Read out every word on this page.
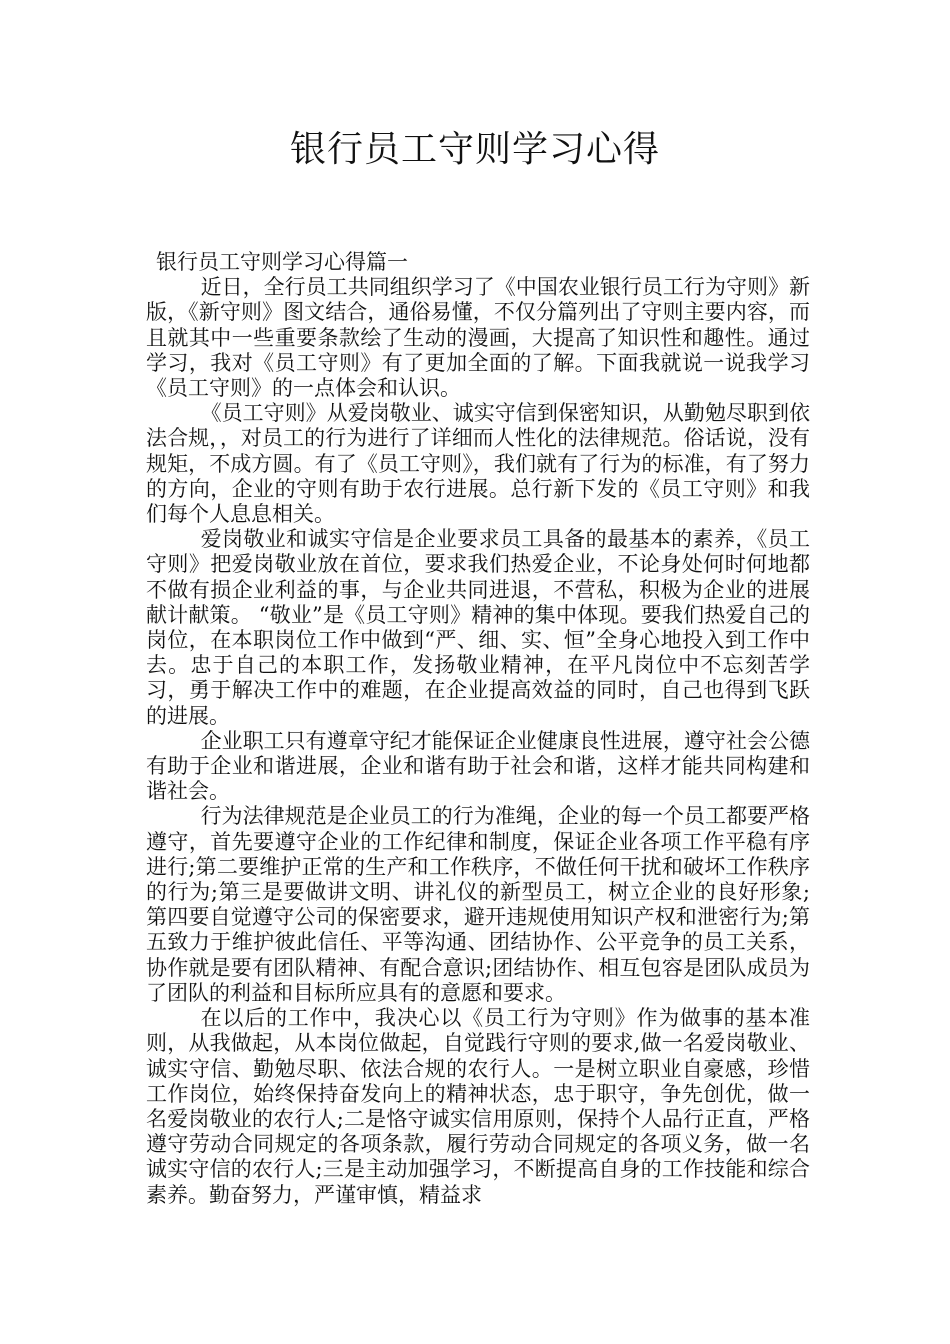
银行员工守则学习心得
银行员工守则学习心得篇一

近日，全行员工共同组织学习了《中国农业银行员工行为守则》新版，《新守则》图文结合，通俗易懂，不仅分篇列出了守则主要内容，而且就其中一些重要条款绘了生动的漫画，大提高了知识性和趣性。通过学习，我对《员工守则》有了更加全面的了解。下面我就说一说我学习《员工守则》的一点体会和认识。

《员工守则》从爱岗敬业、诚实守信到保密知识，从勤勉尽职到依法合规，，对员工的行为进行了详细而人性化的法律规范。俗话说，没有规矩，不成方圆。有了《员工守则》，我们就有了行为的标准，有了努力的方向，企业的守则有助于农行进展。总行新下发的《员工守则》和我们每个人息息相关。

爱岗敬业和诚实守信是企业要求员工具备的最基本的素养，《员工守则》把爱岗敬业放在首位，要求我们热爱企业，不论身处何时何地都不做有损企业利益的事，与企业共同进退，不营私，积极为企业的进展献计献策。 “敬业”是《员工守则》精神的集中体现。要我们热爱自己的岗位，在本职岗位工作中做到“严、细、实、恒”全身心地投入到工作中去。忠于自己的本职工作，发扬敬业精神，在平凡岗位中不忘刻苦学习，勇于解决工作中的难题，在企业提高效益的同时，自己也得到飞跃的进展。

企业职工只有遵章守纪才能保证企业健康良性进展，遵守社会公德有助于企业和谐进展，企业和谐有助于社会和谐，这样才能共同构建和谐社会。

行为法律规范是企业员工的行为准绳，企业的每一个员工都要严格遵守，首先要遵守企业的工作纪律和制度，保证企业各项工作平稳有序进行;第二要维护正常的生产和工作秩序，不做任何干扰和破坏工作秩序的行为;第三是要做讲文明、讲礼仪的新型员工，树立企业的良好形象;第四要自觉遵守公司的保密要求，避开违规使用知识产权和泄密行为;第五致力于维护彼此信任、平等沟通、团结协作、公平竞争的员工关系，协作就是要有团队精神、有配合意识;团结协作、相互包容是团队成员为了团队的利益和目标所应具有的意愿和要求。

在以后的工作中，我决心以《员工行为守则》作为做事的基本准则，从我做起，从本岗位做起，自觉践行守则的要求,做一名爱岗敬业、诚实守信、勤勉尽职、依法合规的农行人。一是树立职业自豪感，珍惜工作岗位，始终保持奋发向上的精神状态，忠于职守，争先创优，做一名爱岗敬业的农行人;二是恪守诚实信用原则，保持个人品行正直，严格遵守劳动合同规定的各项条款，履行劳动合同规定的各项义务，做一名诚实守信的农行人;三是主动加强学习，不断提高自身的工作技能和综合素养。勤奋努力，严谨审慎，精益求
